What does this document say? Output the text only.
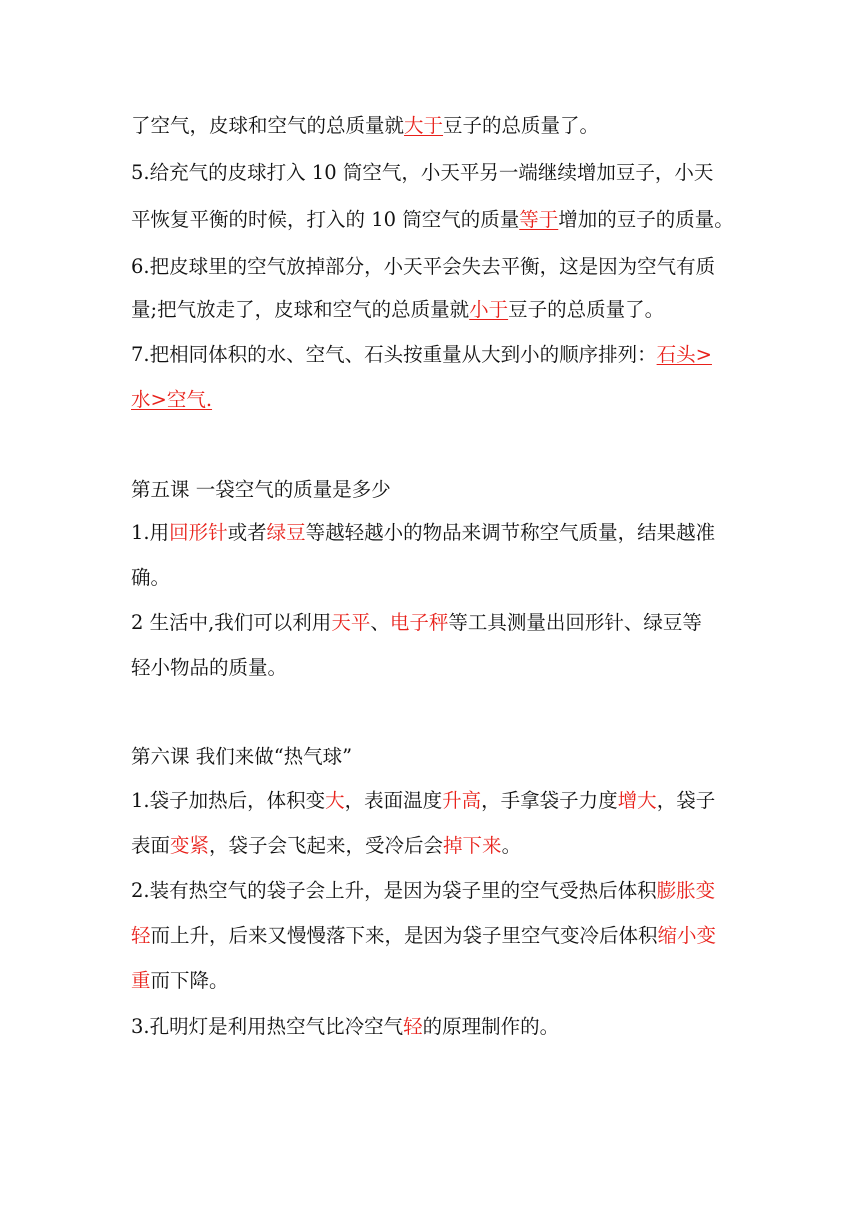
了空气，皮球和空气的总质量就大于豆子的总质量了。
5.给充气的皮球打入 10 筒空气，小天平另一端继续增加豆子，小天
平恢复平衡的时候，打入的 10 筒空气的质量等于增加的豆子的质量。
6.把皮球里的空气放掉部分，小天平会失去平衡，这是因为空气有质
量;把气放走了，皮球和空气的总质量就小于豆子的总质量了。
7.把相同体积的水、空气、石头按重量从大到小的顺序排列：石头>
水>空气.
第五课 一袋空气的质量是多少
1.用回形针或者绿豆等越轻越小的物品来调节称空气质量，结果越准
确。
2 生活中,我们可以利用天平、电子秤等工具测量出回形针、绿豆等
轻小物品的质量。
第六课 我们来做“热气球”
1.袋子加热后，体积变大，表面温度升高，手拿袋子力度增大，袋子
表面变紧，袋子会飞起来，受冷后会掉下来。
2.装有热空气的袋子会上升，是因为袋子里的空气受热后体积膨胀变
轻而上升，后来又慢慢落下来，是因为袋子里空气变冷后体积缩小变
重而下降。
3.孔明灯是利用热空气比冷空气轻的原理制作的。
